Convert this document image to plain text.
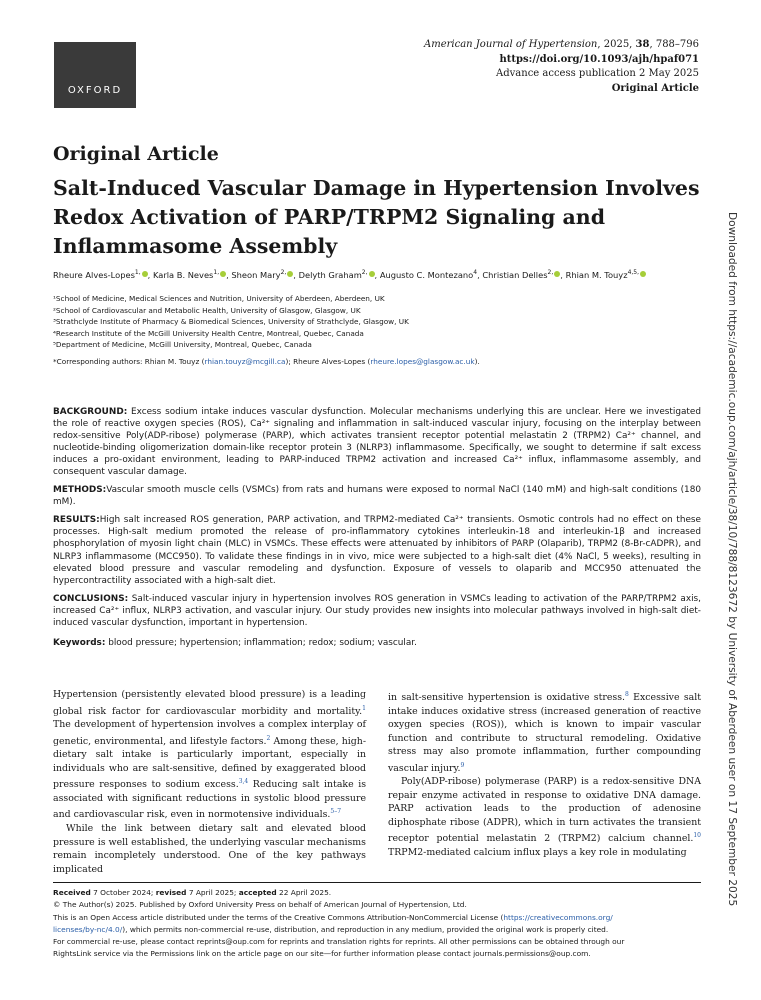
OXFORD
American Journal of Hypertension, 2025, 38, 788–796
https://doi.org/10.1093/ajh/hpaf071
Advance access publication 2 May 2025
Original Article
Downloaded from https://academic.oup.com/ajh/article/38/10/788/8123672 by University of Aberdeen user on 17 September 2025
Original Article
Salt-Induced Vascular Damage in Hypertension Involves Redox Activation of PARP/TRPM2 Signaling and Inflammasome Assembly
Rheure Alves-Lopes$^{1,}$ , Karla B. Neves$^{1,}$ , Sheon Mary$^{2,}$ , Delyth Graham$^{2,}$ , Augusto C. Montezano$^4$, Christian Delles$^{2,}$ , Rhian M. Touyz$^{4,5,}$
¹School of Medicine, Medical Sciences and Nutrition, University of Aberdeen, Aberdeen, UK
²School of Cardiovascular and Metabolic Health, University of Glasgow, Glasgow, UK
³Strathclyde Institute of Pharmacy & Biomedical Sciences, University of Strathclyde, Glasgow, UK
⁴Research Institute of the McGill University Health Centre, Montreal, Quebec, Canada
⁵Department of Medicine, McGill University, Montreal, Quebec, Canada
*Corresponding authors: Rhian M. Touyz (rhian.touyz@mcgill.ca); Rheure Alves-Lopes (rheure.lopes@glasgow.ac.uk).

BACKGROUND: Excess sodium intake induces vascular dysfunction. Molecular mechanisms underlying this are unclear. Here we investigated the role of reactive oxygen species (ROS), Ca²⁺ signaling and inflammation in salt-induced vascular injury, focusing on the interplay between redox-sensitive Poly(ADP-ribose) polymerase (PARP), which activates transient receptor potential melastatin 2 (TRPM2) Ca²⁺ channel, and nucleotide-binding oligomerization domain-like receptor protein 3 (NLRP3) inflammasome. Specifically, we sought to determine if salt excess induces a pro-oxidant environment, leading to PARP-induced TRPM2 activation and increased Ca²⁺ influx, inflammasome assembly, and consequent vascular damage.

METHODS:Vascular smooth muscle cells (VSMCs) from rats and humans were exposed to normal NaCl (140 mM) and high-salt conditions (180 mM).

RESULTS:High salt increased ROS generation, PARP activation, and TRPM2-mediated Ca²⁺ transients. Osmotic controls had no effect on these processes. High-salt medium promoted the release of pro-inflammatory cytokines interleukin-18 and interleukin-1β and increased phosphorylation of myosin light chain (MLC) in VSMCs. These effects were attenuated by inhibitors of PARP (Olaparib), TRPM2 (8-Br-cADPR), and NLRP3 inflammasome (MCC950). To validate these findings in in vivo, mice were subjected to a high-salt diet (4% NaCl, 5 weeks), resulting in elevated blood pressure and vascular remodeling and dysfunction. Exposure of vessels to olaparib and MCC950 attenuated the hypercontractility associated with a high-salt diet.

CONCLUSIONS: Salt-induced vascular injury in hypertension involves ROS generation in VSMCs leading to activation of the PARP/TRPM2 axis, increased Ca²⁺ influx, NLRP3 activation, and vascular injury. Our study provides new insights into molecular pathways involved in high-salt diet-induced vascular dysfunction, important in hypertension.

Keywords: blood pressure; hypertension; inflammation; redox; sodium; vascular.

Hypertension (persistently elevated blood pressure) is a leading global risk factor for cardiovascular morbidity and mortality.$^1$ The development of hypertension involves a complex interplay of genetic, environmental, and lifestyle factors.$^2$ Among these, high-dietary salt intake is particularly important, especially in individuals who are salt-sensitive, defined by exaggerated blood pressure responses to sodium excess.$^{3,4}$ Reducing salt intake is associated with significant reductions in systolic blood pressure and cardiovascular risk, even in normotensive individuals.$^{5-7}$

While the link between dietary salt and elevated blood pressure is well established, the underlying vascular mechanisms remain incompletely understood. One of the key pathways implicated

in salt-sensitive hypertension is oxidative stress.$^8$ Excessive salt intake induces oxidative stress (increased generation of reactive oxygen species (ROS)), which is known to impair vascular function and contribute to structural remodeling. Oxidative stress may also promote inflammation, further compounding vascular injury.$^9$

Poly(ADP-ribose) polymerase (PARP) is a redox-sensitive DNA repair enzyme activated in response to oxidative DNA damage. PARP activation leads to the production of adenosine diphosphate ribose (ADPR), which in turn activates the transient receptor potential melastatin 2 (TRPM2) calcium channel.$^{10}$ TRPM2-mediated calcium influx plays a key role in modulating

Received 7 October 2024; revised 7 April 2025; accepted 22 April 2025.
© The Author(s) 2025. Published by Oxford University Press on behalf of American Journal of Hypertension, Ltd.
This is an Open Access article distributed under the terms of the Creative Commons Attribution-NonCommercial License (https://creativecommons.org/
licenses/by-nc/4.0/), which permits non-commercial re-use, distribution, and reproduction in any medium, provided the original work is properly cited.
For commercial re-use, please contact reprints@oup.com for reprints and translation rights for reprints. All other permissions can be obtained through our
RightsLink service via the Permissions link on the article page on our site—for further information please contact journals.permissions@oup.com.
